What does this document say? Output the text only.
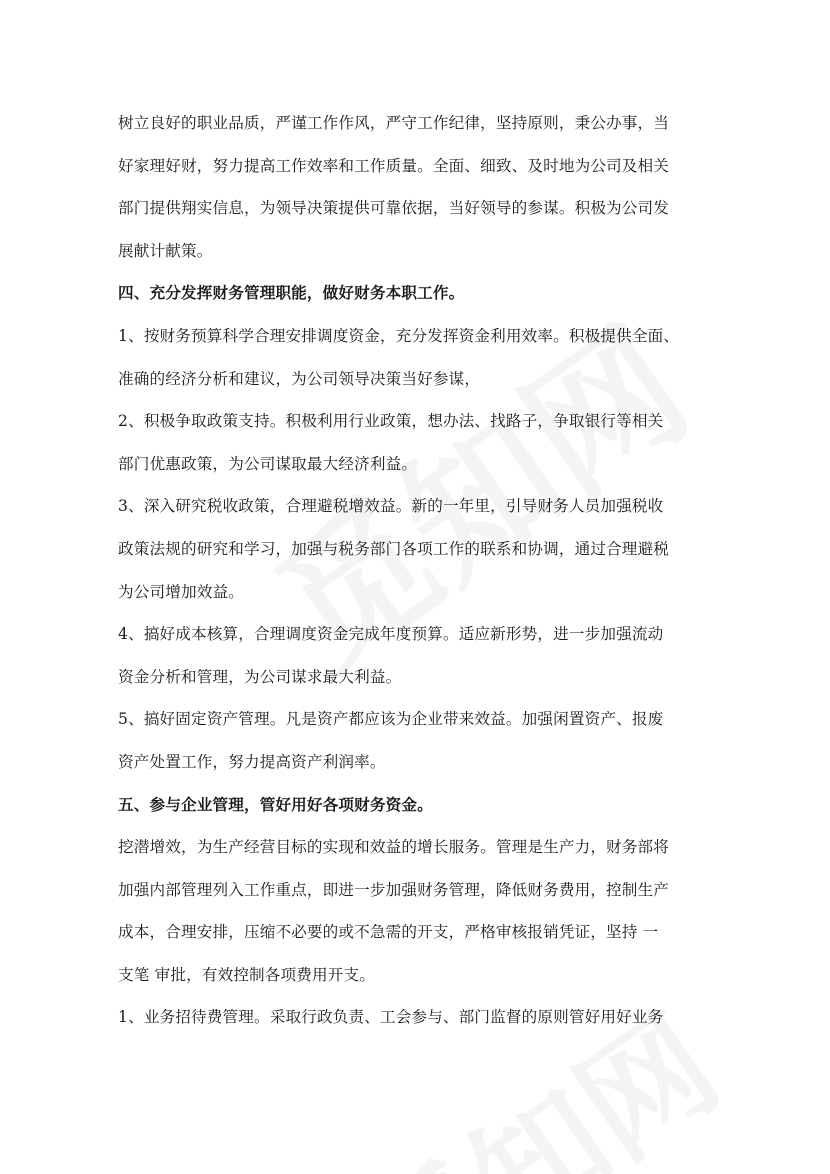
树立良好的职业品质，严谨工作作风，严守工作纪律，坚持原则，秉公办事，当
好家理好财，努力提高工作效率和工作质量。全面、细致、及时地为公司及相关
部门提供翔实信息，为领导决策提供可靠依据，当好领导的参谋。积极为公司发
展献计献策。
四、充分发挥财务管理职能，做好财务本职工作。
1、按财务预算科学合理安排调度资金，充分发挥资金利用效率。积极提供全面、
准确的经济分析和建议，为公司领导决策当好参谋，
2、积极争取政策支持。积极利用行业政策，想办法、找路子，争取银行等相关
部门优惠政策，为公司谋取最大经济利益。
3、深入研究税收政策，合理避税增效益。新的一年里，引导财务人员加强税收
政策法规的研究和学习，加强与税务部门各项工作的联系和协调，通过合理避税
为公司增加效益。
4、搞好成本核算，合理调度资金完成年度预算。适应新形势，进一步加强流动
资金分析和管理，为公司谋求最大利益。
5、搞好固定资产管理。凡是资产都应该为企业带来效益。加强闲置资产、报废
资产处置工作，努力提高资产利润率。
五、参与企业管理，管好用好各项财务资金。
挖潜增效，为生产经营目标的实现和效益的增长服务。管理是生产力，财务部将
加强内部管理列入工作重点，即进一步加强财务管理，降低财务费用，控制生产
成本，合理安排，压缩不必要的或不急需的开支，严格审核报销凭证，坚持 一
支笔 审批，有效控制各项费用开支。
1、业务招待费管理。采取行政负责、工会参与、部门监督的原则管好用好业务
